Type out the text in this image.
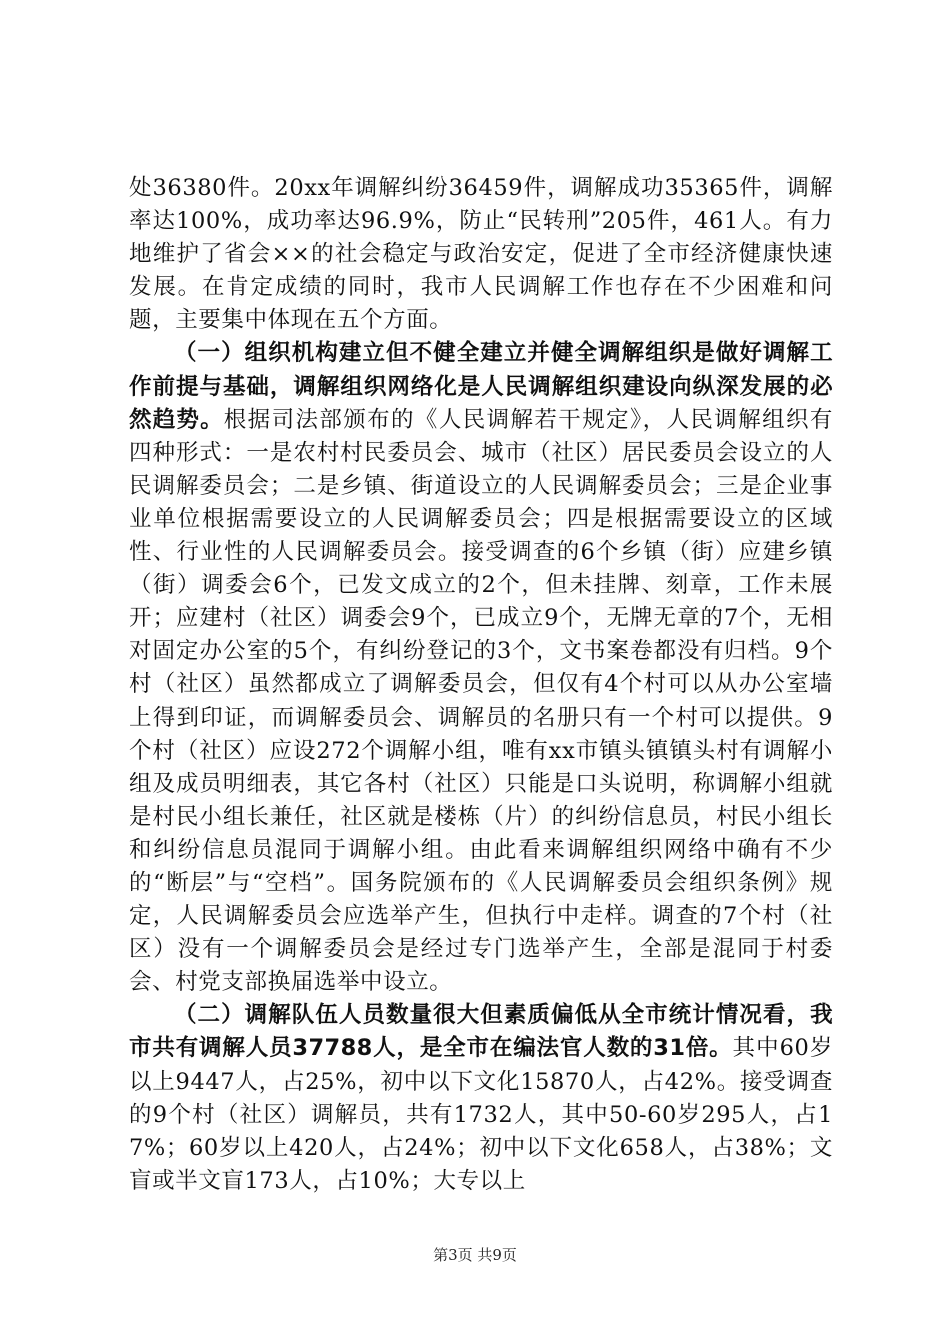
处36380件。20xx年调解纠纷36459件，调解成功35365件，调解率达100%，成功率达96.9%，防止“民转刑”205件，461人。有力地维护了省会××的社会稳定与政治安定，促进了全市经济健康快速发展。在肯定成绩的同时，我市人民调解工作也存在不少困难和问题，主要集中体现在五个方面。

（一）组织机构建立但不健全建立并健全调解组织是做好调解工作前提与基础，调解组织网络化是人民调解组织建设向纵深发展的必然趋势。根据司法部颁布的《人民调解若干规定》，人民调解组织有四种形式：一是农村村民委员会、城市（社区）居民委员会设立的人民调解委员会；二是乡镇、街道设立的人民调解委员会；三是企业事业单位根据需要设立的人民调解委员会；四是根据需要设立的区域性、行业性的人民调解委员会。接受调查的6个乡镇（街）应建乡镇（街）调委会6个，已发文成立的2个，但未挂牌、刻章，工作未展开；应建村（社区）调委会9个，已成立9个，无牌无章的7个，无相对固定办公室的5个，有纠纷登记的3个，文书案卷都没有归档。9个村（社区）虽然都成立了调解委员会，但仅有4个村可以从办公室墙上得到印证，而调解委员会、调解员的名册只有一个村可以提供。9个村（社区）应设272个调解小组，唯有xx市镇头镇镇头村有调解小组及成员明细表，其它各村（社区）只能是口头说明，称调解小组就是村民小组长兼任，社区就是楼栋（片）的纠纷信息员，村民小组长和纠纷信息员混同于调解小组。由此看来调解组织网络中确有不少的“断层”与“空档”。国务院颁布的《人民调解委员会组织条例》规定，人民调解委员会应选举产生，但执行中走样。调查的7个村（社区）没有一个调解委员会是经过专门选举产生，全部是混同于村委会、村党支部换届选举中设立。

（二）调解队伍人员数量很大但素质偏低从全市统计情况看，我市共有调解人员37788人，是全市在编法官人数的31倍。其中60岁以上9447人，占25%，初中以下文化15870人，占42%。接受调查的9个村（社区）调解员，共有1732人，其中50-60岁295人，占17%；60岁以上420人，占24%；初中以下文化658人，占38%；文盲或半文盲173人，占10%；大专以上

第3页 共9页
